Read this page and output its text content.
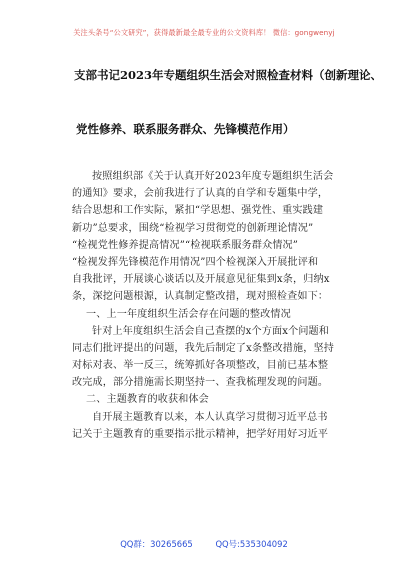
关注头条号“公文研究”，获得最新最全最专业的公文资料库！ 微信：gongwenyj
支部书记2023年专题组织生活会对照检查材料（创新理论、
党性修养、联系服务群众、先锋模范作用）
按照组织部《关于认真开好2023年度专题组织生活会
的通知》要求，会前我进行了认真的自学和专题集中学，
结合思想和工作实际，紧扣“学思想、强党性、重实践建
新功”总要求，围绕“检视学习贯彻党的创新理论情况”
“检视党性修养提高情况”“检视联系服务群众情况”
“检视发挥先锋模范作用情况”四个检视深入开展批评和
自我批评，开展谈心谈话以及开展意见征集到x条，归纳x
条，深挖问题根源，认真制定整改措，现对照检查如下：
一、上一年度组织生活会存在问题的整改情况
针对上年度组织生活会自己查摆的x个方面x个问题和
同志们批评提出的问题，我先后制定了x条整改措施，坚持
对标对表、举一反三，统筹抓好各项整改，目前已基本整
改完成，部分措施需长期坚持一、查我梳理发现的问题。
二、主题教育的收获和体会
自开展主题教育以来，本人认真学习贯彻习近平总书
记关于主题教育的重要指示批示精神，把学好用好习近平
QQ群：30265665	QQ号:535304092
